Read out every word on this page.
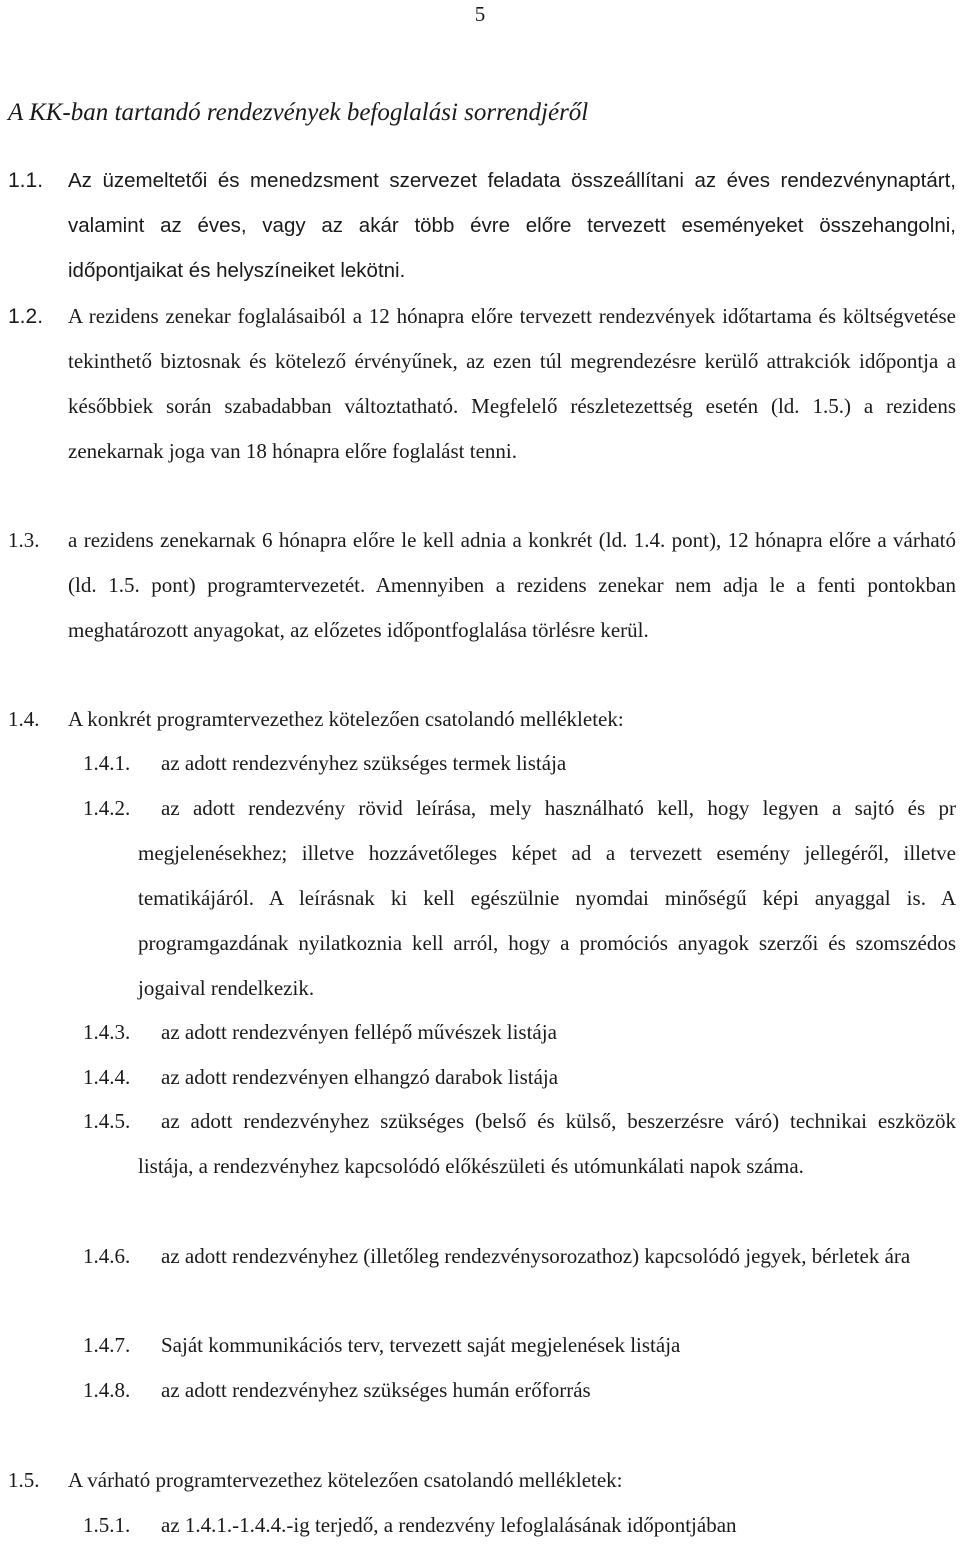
5
A KK-ban tartandó rendezvények befoglalási sorrendjéről
1.1. Az üzemeltetői és menedzsment szervezet feladata összeállítani az éves rendezvénynaptárt, valamint az éves, vagy az akár több évre előre tervezett eseményeket összehangolni, időpontjaikat és helyszíneiket lekötni.
1.2. A rezidens zenekar foglalásaiból a 12 hónapra előre tervezett rendezvények időtartama és költségvetése tekinthető biztosnak és kötelező érvényűnek, az ezen túl megrendezésre kerülő attrakciók időpontja a későbbiek során szabadabban változtatható. Megfelelő részletezettség esetén (ld. 1.5.) a rezidens zenekarnak joga van 18 hónapra előre foglalást tenni.
1.3. a rezidens zenekarnak 6 hónapra előre le kell adnia a konkrét (ld. 1.4. pont), 12 hónapra előre a várható (ld. 1.5. pont) programtervezetét. Amennyiben a rezidens zenekar nem adja le a fenti pontokban meghatározott anyagokat, az előzetes időpontfoglalása törlésre kerül.
1.4. A konkrét programtervezethez kötelezően csatolandó mellékletek:
1.4.1. az adott rendezvényhez szükséges termek listája
1.4.2.	az adott rendezvény rövid leírása, mely használható kell, hogy legyen a sajtó és pr megjelenésekhez; illetve hozzávetőleges képet ad a tervezett esemény jellegéről, illetve tematikájáról. A leírásnak ki kell egészülnie nyomdai minőségű képi anyaggal is. A programgazdának nyilatkoznia kell arról, hogy a promóciós anyagok szerzői és szomszédos jogaival rendelkezik.
1.4.3. az adott rendezvényen fellépő művészek listája
1.4.4. az adott rendezvényen elhangzó darabok listája
1.4.5.	az adott rendezvényhez szükséges (belső és külső, beszerzésre váró) technikai eszközök listája, a rendezvényhez kapcsolódó előkészületi és utómunkálati napok száma.
1.4.6.	az adott rendezvényhez (illetőleg rendezvénysorozathoz) kapcsolódó jegyek, bérletek ára
1.4.7. Saját kommunikációs terv, tervezett saját megjelenések listája
1.4.8. az adott rendezvényhez szükséges humán erőforrás
1.5. A várható programtervezethez kötelezően csatolandó mellékletek:
1.5.1. az 1.4.1.-1.4.4.-ig terjedő, a rendezvény lefoglalásának időpontjában
